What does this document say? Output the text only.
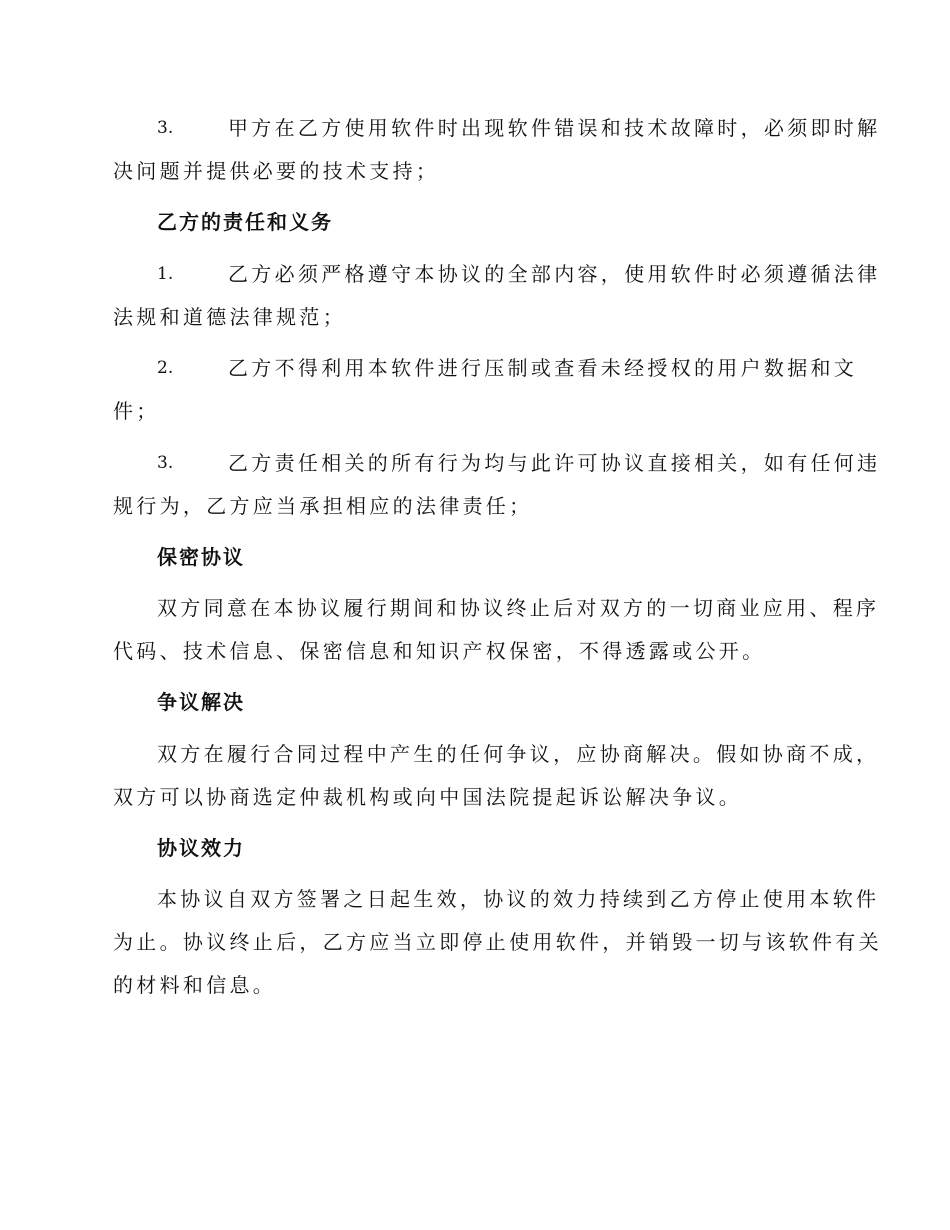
3.	甲方在乙方使用软件时出现软件错误和技术故障时，必须即时解
决问题并提供必要的技术支持；
乙方的责任和义务
1.	乙方必须严格遵守本协议的全部内容，使用软件时必须遵循法律
法规和道德法律规范；
2.	乙方不得利用本软件进行压制或查看未经授权的用户数据和文
件；
3.	乙方责任相关的所有行为均与此许可协议直接相关，如有任何违
规行为，乙方应当承担相应的法律责任；
保密协议
双方同意在本协议履行期间和协议终止后对双方的一切商业应用、程序
代码、技术信息、保密信息和知识产权保密，不得透露或公开。
争议解决
双方在履行合同过程中产生的任何争议，应协商解决。假如协商不成，
双方可以协商选定仲裁机构或向中国法院提起诉讼解决争议。
协议效力
本协议自双方签署之日起生效，协议的效力持续到乙方停止使用本软件
为止。协议终止后，乙方应当立即停止使用软件，并销毁一切与该软件有关
的材料和信息。
